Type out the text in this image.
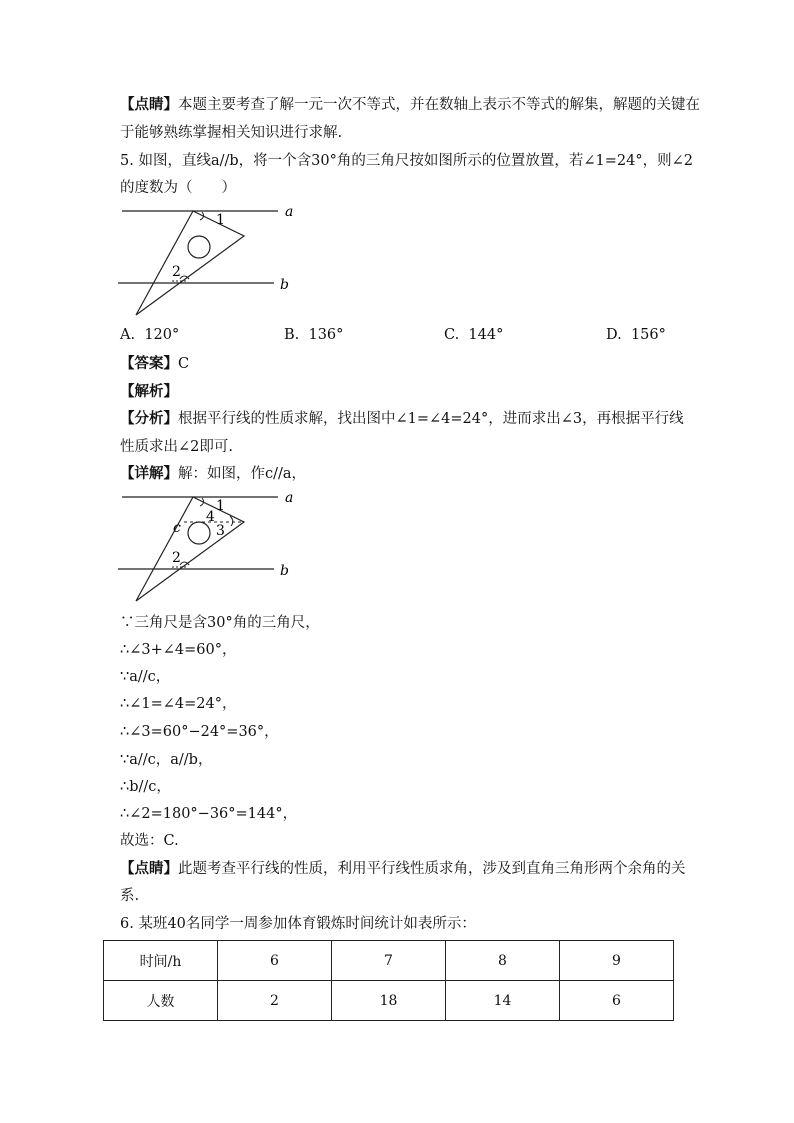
【点睛】本题主要考查了解一元一次不等式，并在数轴上表示不等式的解集，解题的关键在
于能够熟练掌握相关知识进行求解.
5. 如图，直线a//b，将一个含30°角的三角尺按如图所示的位置放置，若∠1=24°，则∠2
的度数为（　　）
1
2
a
b
A. 120°	B. 136°	C. 144°	D. 156°
【答案】C
【解析】
【分析】根据平行线的性质求解，找出图中∠1=∠4=24°，进而求出∠3，再根据平行线
性质求出∠2即可.
【详解】解：如图，作c//a，
1
4
3
c
2
a
b
∵三角尺是含30°角的三角尺，
∴∠3+∠4=60°，
∵a//c，
∴∠1=∠4=24°，
∴∠3=60°−24°=36°，
∵a//c，a//b，
∴b//c，
∴∠2=180°−36°=144°，
故选：C.
【点睛】此题考查平行线的性质，利用平行线性质求角，涉及到直角三角形两个余角的关
系.
6. 某班40名同学一周参加体育锻炼时间统计如表所示：
时间/h	6	7	8	9
人数	2	18	14	6
